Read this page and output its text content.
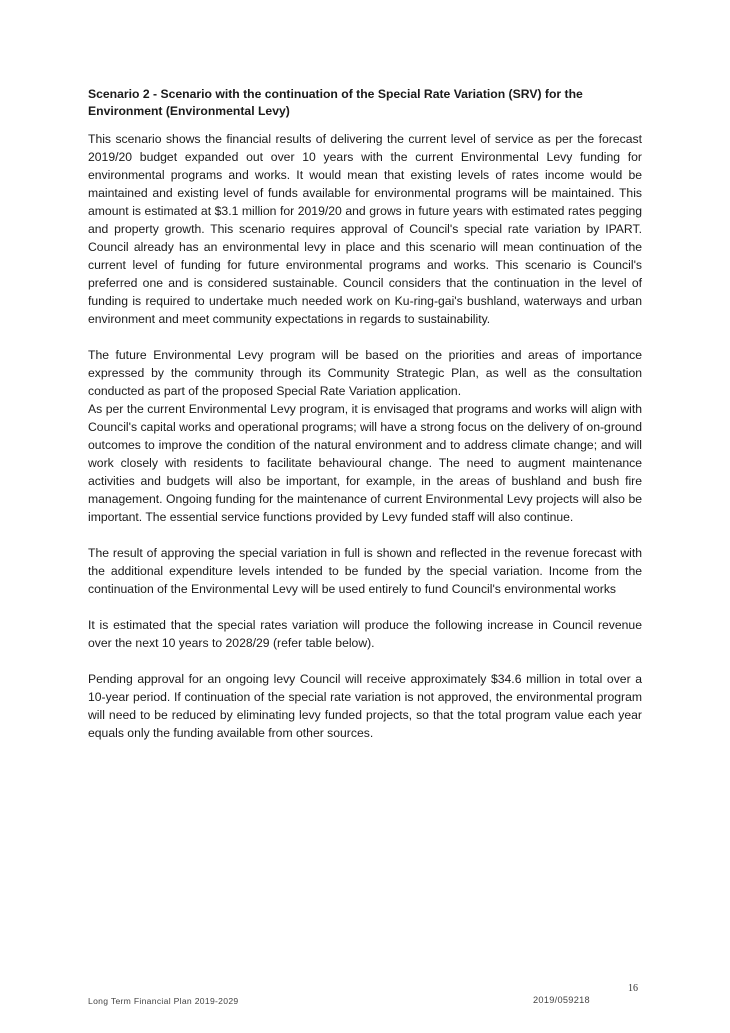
Scenario 2 - Scenario with the continuation of the Special Rate Variation (SRV) for the Environment (Environmental Levy)

This scenario shows the financial results of delivering the current level of service as per the forecast 2019/20 budget expanded out over 10 years with the current Environmental Levy funding for environmental programs and works. It would mean that existing levels of rates income would be maintained and existing level of funds available for environmental programs will be maintained. This amount is estimated at $3.1 million for 2019/20 and grows in future years with estimated rates pegging and property growth. This scenario requires approval of Council's special rate variation by IPART. Council already has an environmental levy in place and this scenario will mean continuation of the current level of funding for future environmental programs and works. This scenario is Council's preferred one and is considered sustainable. Council considers that the continuation in the level of funding is required to undertake much needed work on Ku-ring-gai's bushland, waterways and urban environment and meet community expectations in regards to sustainability.

The future Environmental Levy program will be based on the priorities and areas of importance expressed by the community through its Community Strategic Plan, as well as the consultation conducted as part of the proposed Special Rate Variation application.

As per the current Environmental Levy program, it is envisaged that programs and works will align with Council's capital works and operational programs; will have a strong focus on the delivery of on-ground outcomes to improve the condition of the natural environment and to address climate change; and will work closely with residents to facilitate behavioural change. The need to augment maintenance activities and budgets will also be important, for example, in the areas of bushland and bush fire management. Ongoing funding for the maintenance of current Environmental Levy projects will also be important. The essential service functions provided by Levy funded staff will also continue.

The result of approving the special variation in full is shown and reflected in the revenue forecast with the additional expenditure levels intended to be funded by the special variation. Income from the continuation of the Environmental Levy will be used entirely to fund Council's environmental works

It is estimated that the special rates variation will produce the following increase in Council revenue over the next 10 years to 2028/29 (refer table below).

Pending approval for an ongoing levy Council will receive approximately $34.6 million in total over a 10-year period. If continuation of the special rate variation is not approved, the environmental program will need to be reduced by eliminating levy funded projects, so that the total program value each year equals only the funding available from other sources.

16
Long Term Financial Plan 2019-2029	2019/059218
